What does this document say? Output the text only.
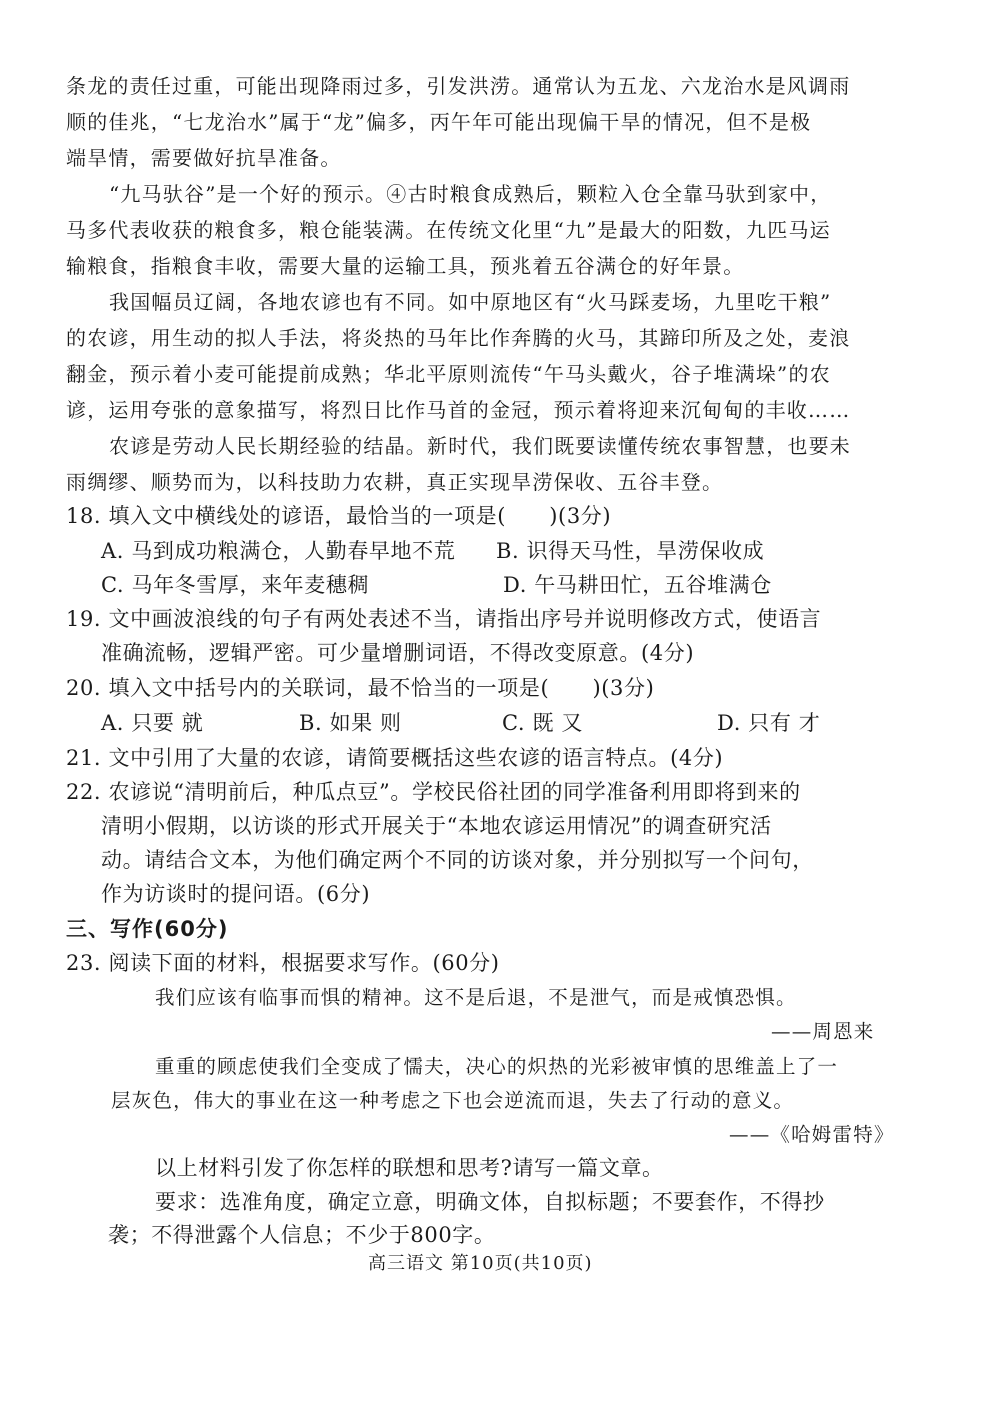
条龙的责任过重，可能出现降雨过多，引发洪涝。通常认为五龙、六龙治水是风调雨
顺的佳兆，“七龙治水”属于“龙”偏多，丙午年可能出现偏干旱的情况，但不是极
端旱情，需要做好抗旱准备。
“九马驮谷”是一个好的预示。④古时粮食成熟后，颗粒入仓全靠马驮到家中，
马多代表收获的粮食多，粮仓能装满。在传统文化里“九”是最大的阳数，九匹马运
输粮食，指粮食丰收，需要大量的运输工具，预兆着五谷满仓的好年景。
我国幅员辽阔，各地农谚也有不同。如中原地区有“火马踩麦场，九里吃干粮”
的农谚，用生动的拟人手法，将炎热的马年比作奔腾的火马，其蹄印所及之处，麦浪
翻金，预示着小麦可能提前成熟；华北平原则流传“午马头戴火，谷子堆满垛”的农
谚，运用夸张的意象描写，将烈日比作马首的金冠，预示着将迎来沉甸甸的丰收……
农谚是劳动人民长期经验的结晶。新时代，我们既要读懂传统农事智慧，也要未
雨绸缪、顺势而为，以科技助力农耕，真正实现旱涝保收、五谷丰登。
18. 填入文中横线处的谚语，最恰当的一项是(　　)(3分)
A. 马到成功粮满仓，人勤春早地不荒 B. 识得天马性，旱涝保收成
C. 马年冬雪厚，来年麦穗稠	D. 午马耕田忙，五谷堆满仓
19. 文中画波浪线的句子有两处表述不当，请指出序号并说明修改方式，使语言
准确流畅，逻辑严密。可少量增删词语，不得改变原意。(4分)
20. 填入文中括号内的关联词，最不恰当的一项是(　　)(3分)
A. 只要 就	B. 如果 则	C. 既 又	D. 只有 才
21. 文中引用了大量的农谚，请简要概括这些农谚的语言特点。(4分)
22. 农谚说“清明前后，种瓜点豆”。学校民俗社团的同学准备利用即将到来的
清明小假期，以访谈的形式开展关于“本地农谚运用情况”的调查研究活
动。请结合文本，为他们确定两个不同的访谈对象，并分别拟写一个问句，
作为访谈时的提问语。(6分)
三、写作(60分)
23. 阅读下面的材料，根据要求写作。(60分)
我们应该有临事而惧的精神。这不是后退，不是泄气，而是戒慎恐惧。
——周恩来
重重的顾虑使我们全变成了懦夫，决心的炽热的光彩被审慎的思维盖上了一
层灰色，伟大的事业在这一种考虑之下也会逆流而退，失去了行动的意义。
——《哈姆雷特》
以上材料引发了你怎样的联想和思考?请写一篇文章。
要求：选准角度，确定立意，明确文体，自拟标题；不要套作，不得抄
袭；不得泄露个人信息；不少于800字。
高三语文 第10页(共10页)
